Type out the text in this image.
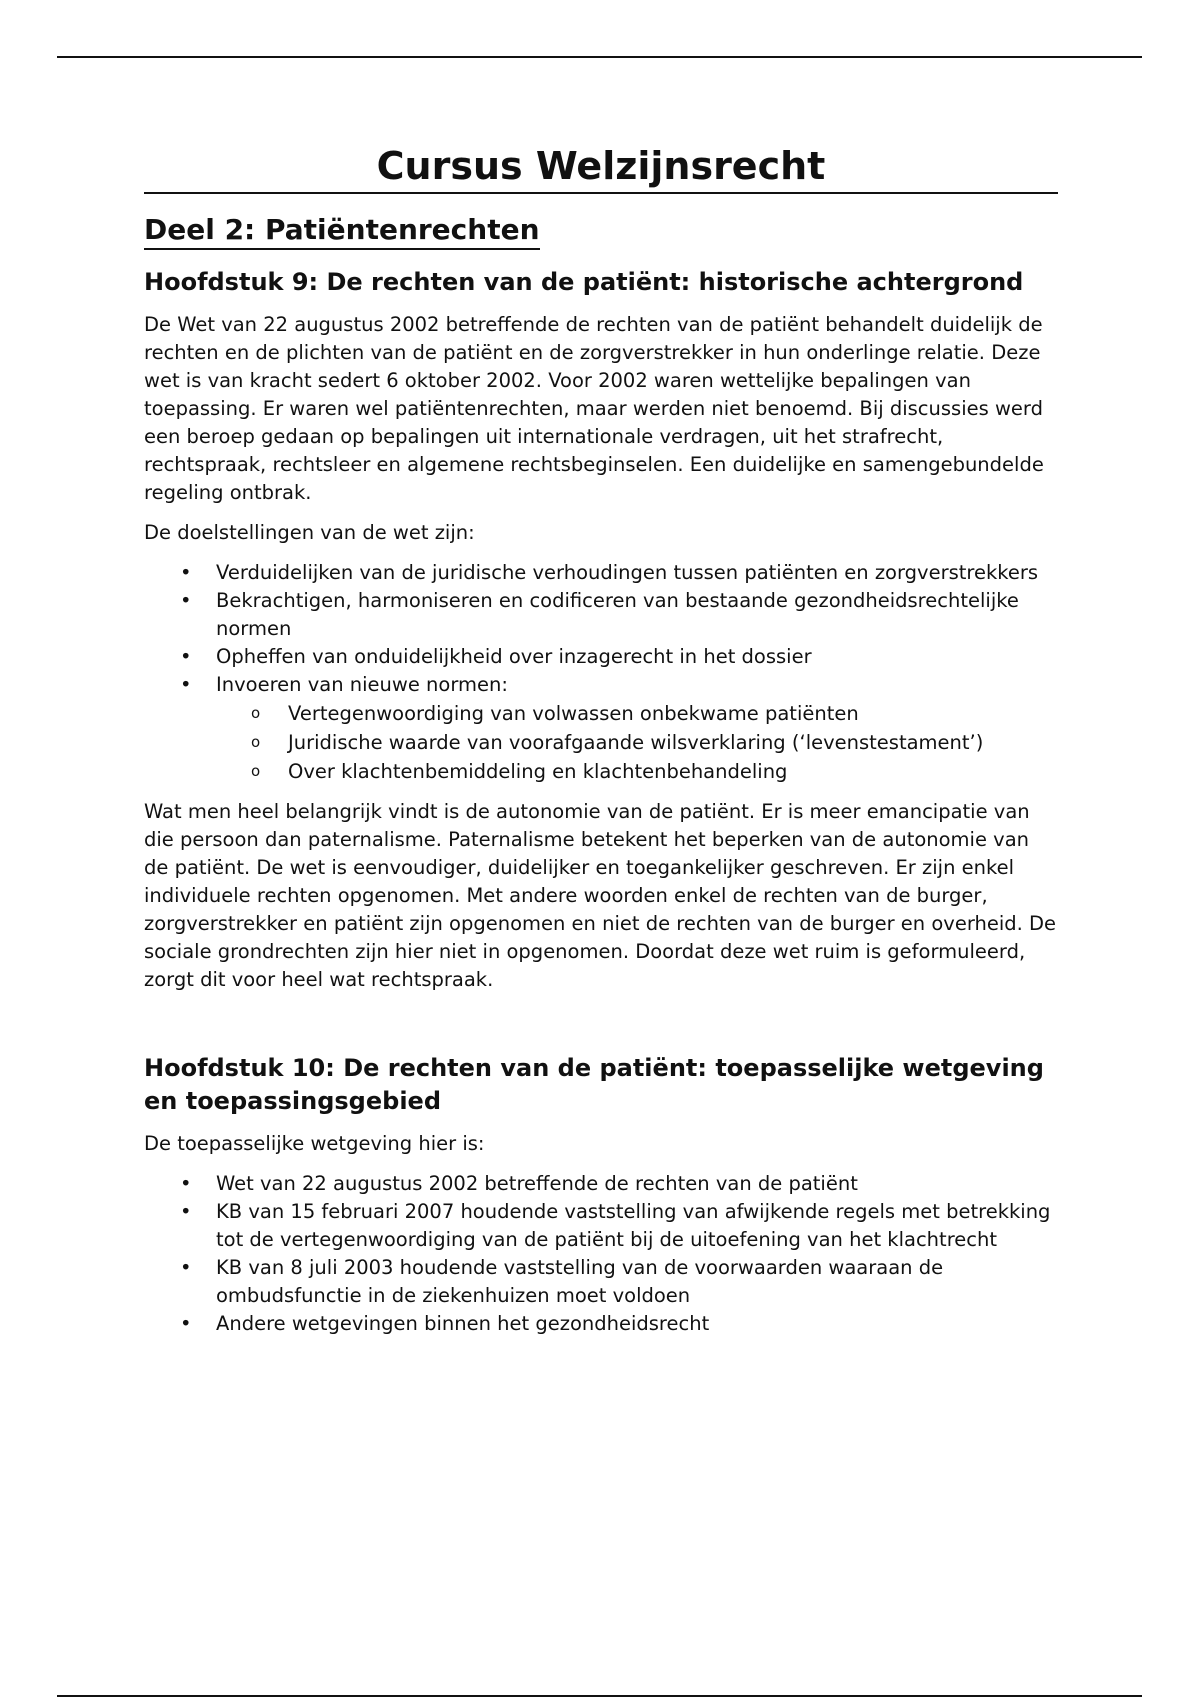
Cursus Welzijnsrecht
Deel 2: Patiëntenrechten
Hoofdstuk 9: De rechten van de patiënt: historische achtergrond

De Wet van 22 augustus 2002 betreffende de rechten van de patiënt behandelt duidelijk de rechten en de plichten van de patiënt en de zorgverstrekker in hun onderlinge relatie. Deze wet is van kracht sedert 6 oktober 2002. Voor 2002 waren wettelijke bepalingen van toepassing. Er waren wel patiëntenrechten, maar werden niet benoemd. Bij discussies werd een beroep gedaan op bepalingen uit internationale verdragen, uit het strafrecht, rechtspraak, rechtsleer en algemene rechtsbeginselen. Een duidelijke en samengebundelde regeling ontbrak.

De doelstellingen van de wet zijn:

• Verduidelijken van de juridische verhoudingen tussen patiënten en zorgverstrekkers
• Bekrachtigen, harmoniseren en codificeren van bestaande gezondheidsrechtelijke normen
• Opheffen van onduidelijkheid over inzagerecht in het dossier
• Invoeren van nieuwe normen:
o Vertegenwoordiging van volwassen onbekwame patiënten
o Juridische waarde van voorafgaande wilsverklaring (‘levenstestament’)
o Over klachtenbemiddeling en klachtenbehandeling

Wat men heel belangrijk vindt is de autonomie van de patiënt. Er is meer emancipatie van die persoon dan paternalisme. Paternalisme betekent het beperken van de autonomie van de patiënt. De wet is eenvoudiger, duidelijker en toegankelijker geschreven. Er zijn enkel individuele rechten opgenomen. Met andere woorden enkel de rechten van de burger, zorgverstrekker en patiënt zijn opgenomen en niet de rechten van de burger en overheid. De sociale grondrechten zijn hier niet in opgenomen. Doordat deze wet ruim is geformuleerd, zorgt dit voor heel wat rechtspraak.

Hoofdstuk 10: De rechten van de patiënt: toepasselijke wetgeving en toepassingsgebied

De toepasselijke wetgeving hier is:

• Wet van 22 augustus 2002 betreffende de rechten van de patiënt
• KB van 15 februari 2007 houdende vaststelling van afwijkende regels met betrekking tot de vertegenwoordiging van de patiënt bij de uitoefening van het klachtrecht
• KB van 8 juli 2003 houdende vaststelling van de voorwaarden waaraan de ombudsfunctie in de ziekenhuizen moet voldoen
• Andere wetgevingen binnen het gezondheidsrecht
